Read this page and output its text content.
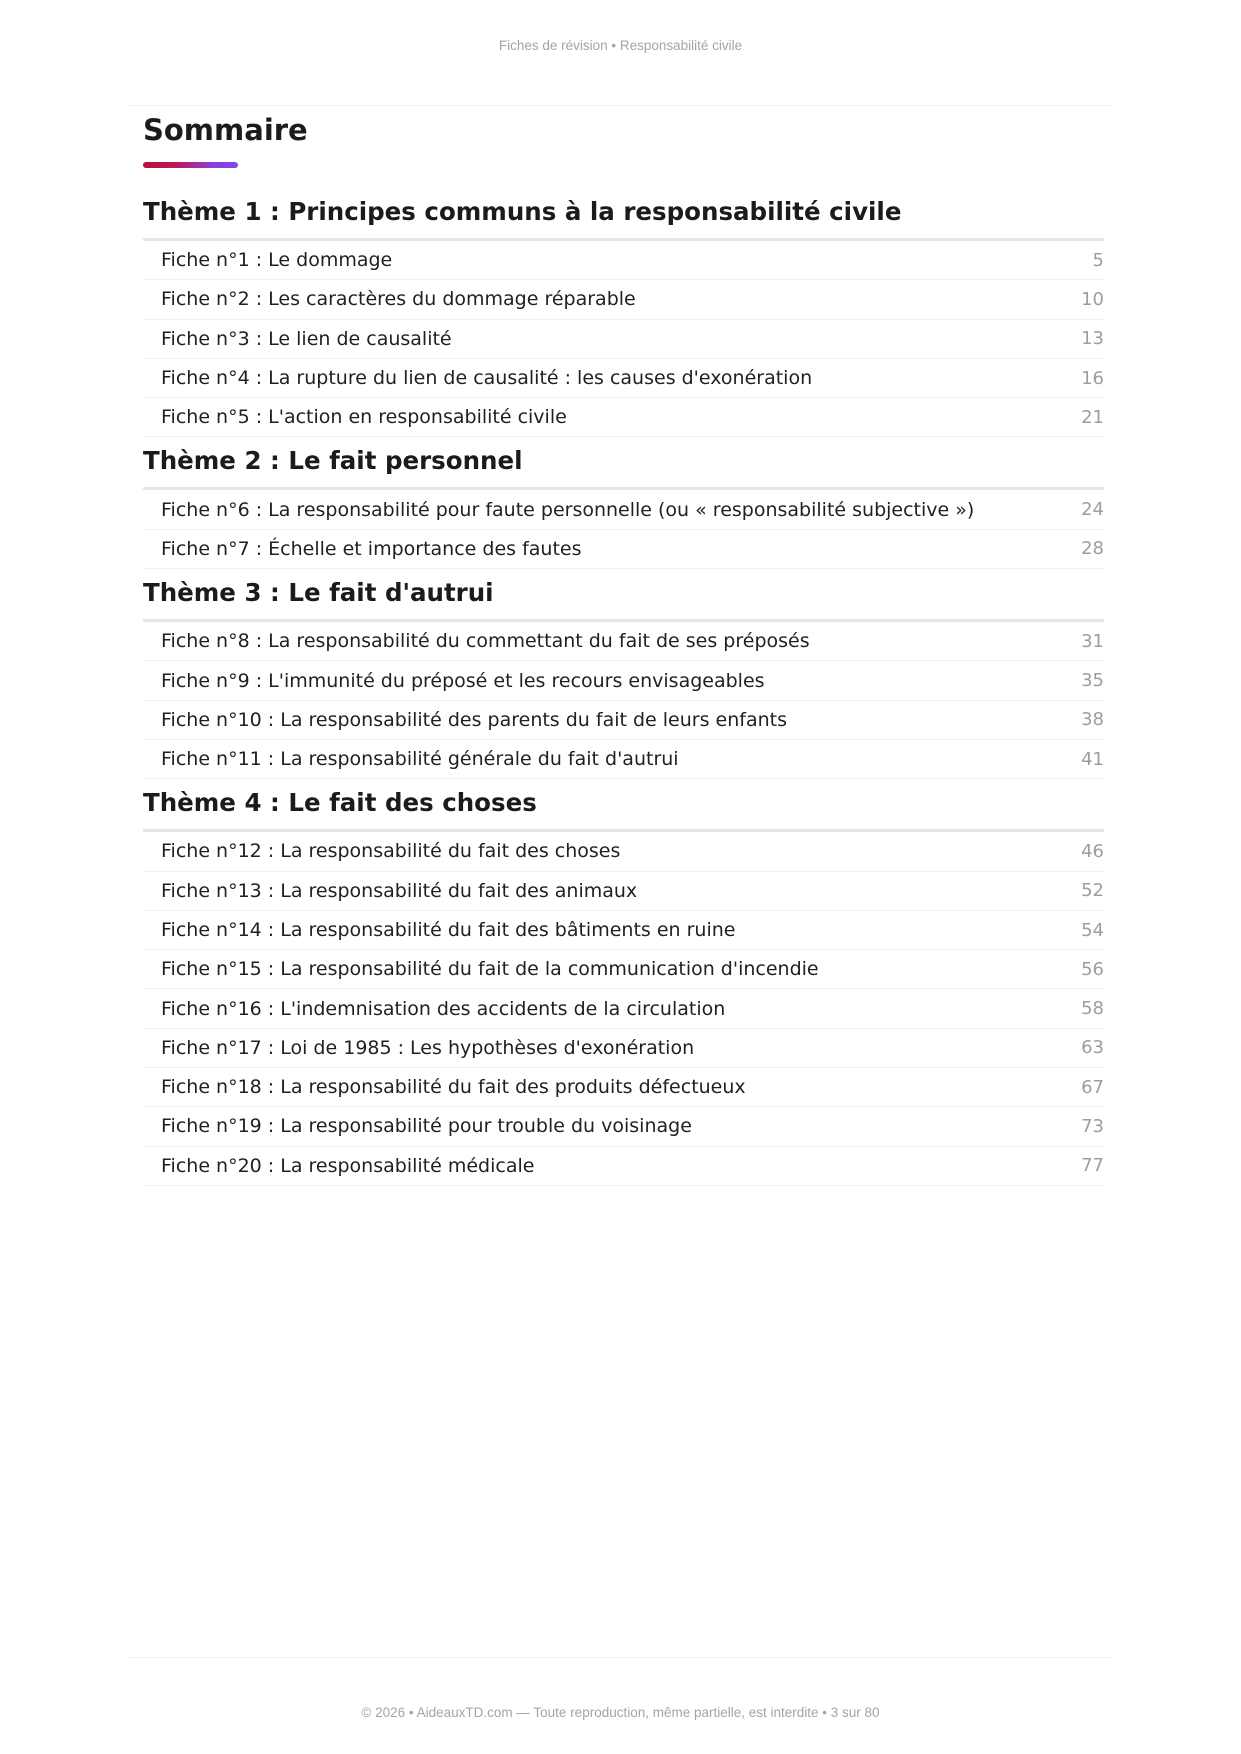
Fiches de révision • Responsabilité civile
Sommaire
Thème 1 : Principes communs à la responsabilité civile
Fiche n°1 : Le dommage	5
Fiche n°2 : Les caractères du dommage réparable	10
Fiche n°3 : Le lien de causalité	13
Fiche n°4 : La rupture du lien de causalité : les causes d'exonération	16
Fiche n°5 : L'action en responsabilité civile	21
Thème 2 : Le fait personnel
Fiche n°6 : La responsabilité pour faute personnelle (ou « responsabilité subjective »)	24
Fiche n°7 : Échelle et importance des fautes	28
Thème 3 : Le fait d'autrui
Fiche n°8 : La responsabilité du commettant du fait de ses préposés	31
Fiche n°9 : L'immunité du préposé et les recours envisageables	35
Fiche n°10 : La responsabilité des parents du fait de leurs enfants	38
Fiche n°11 : La responsabilité générale du fait d'autrui	41
Thème 4 : Le fait des choses
Fiche n°12 : La responsabilité du fait des choses	46
Fiche n°13 : La responsabilité du fait des animaux	52
Fiche n°14 : La responsabilité du fait des bâtiments en ruine	54
Fiche n°15 : La responsabilité du fait de la communication d'incendie	56
Fiche n°16 : L'indemnisation des accidents de la circulation	58
Fiche n°17 : Loi de 1985 : Les hypothèses d'exonération	63
Fiche n°18 : La responsabilité du fait des produits défectueux	67
Fiche n°19 : La responsabilité pour trouble du voisinage	73
Fiche n°20 : La responsabilité médicale	77
© 2026 • AideauxTD.com — Toute reproduction, même partielle, est interdite • 3 sur 80
